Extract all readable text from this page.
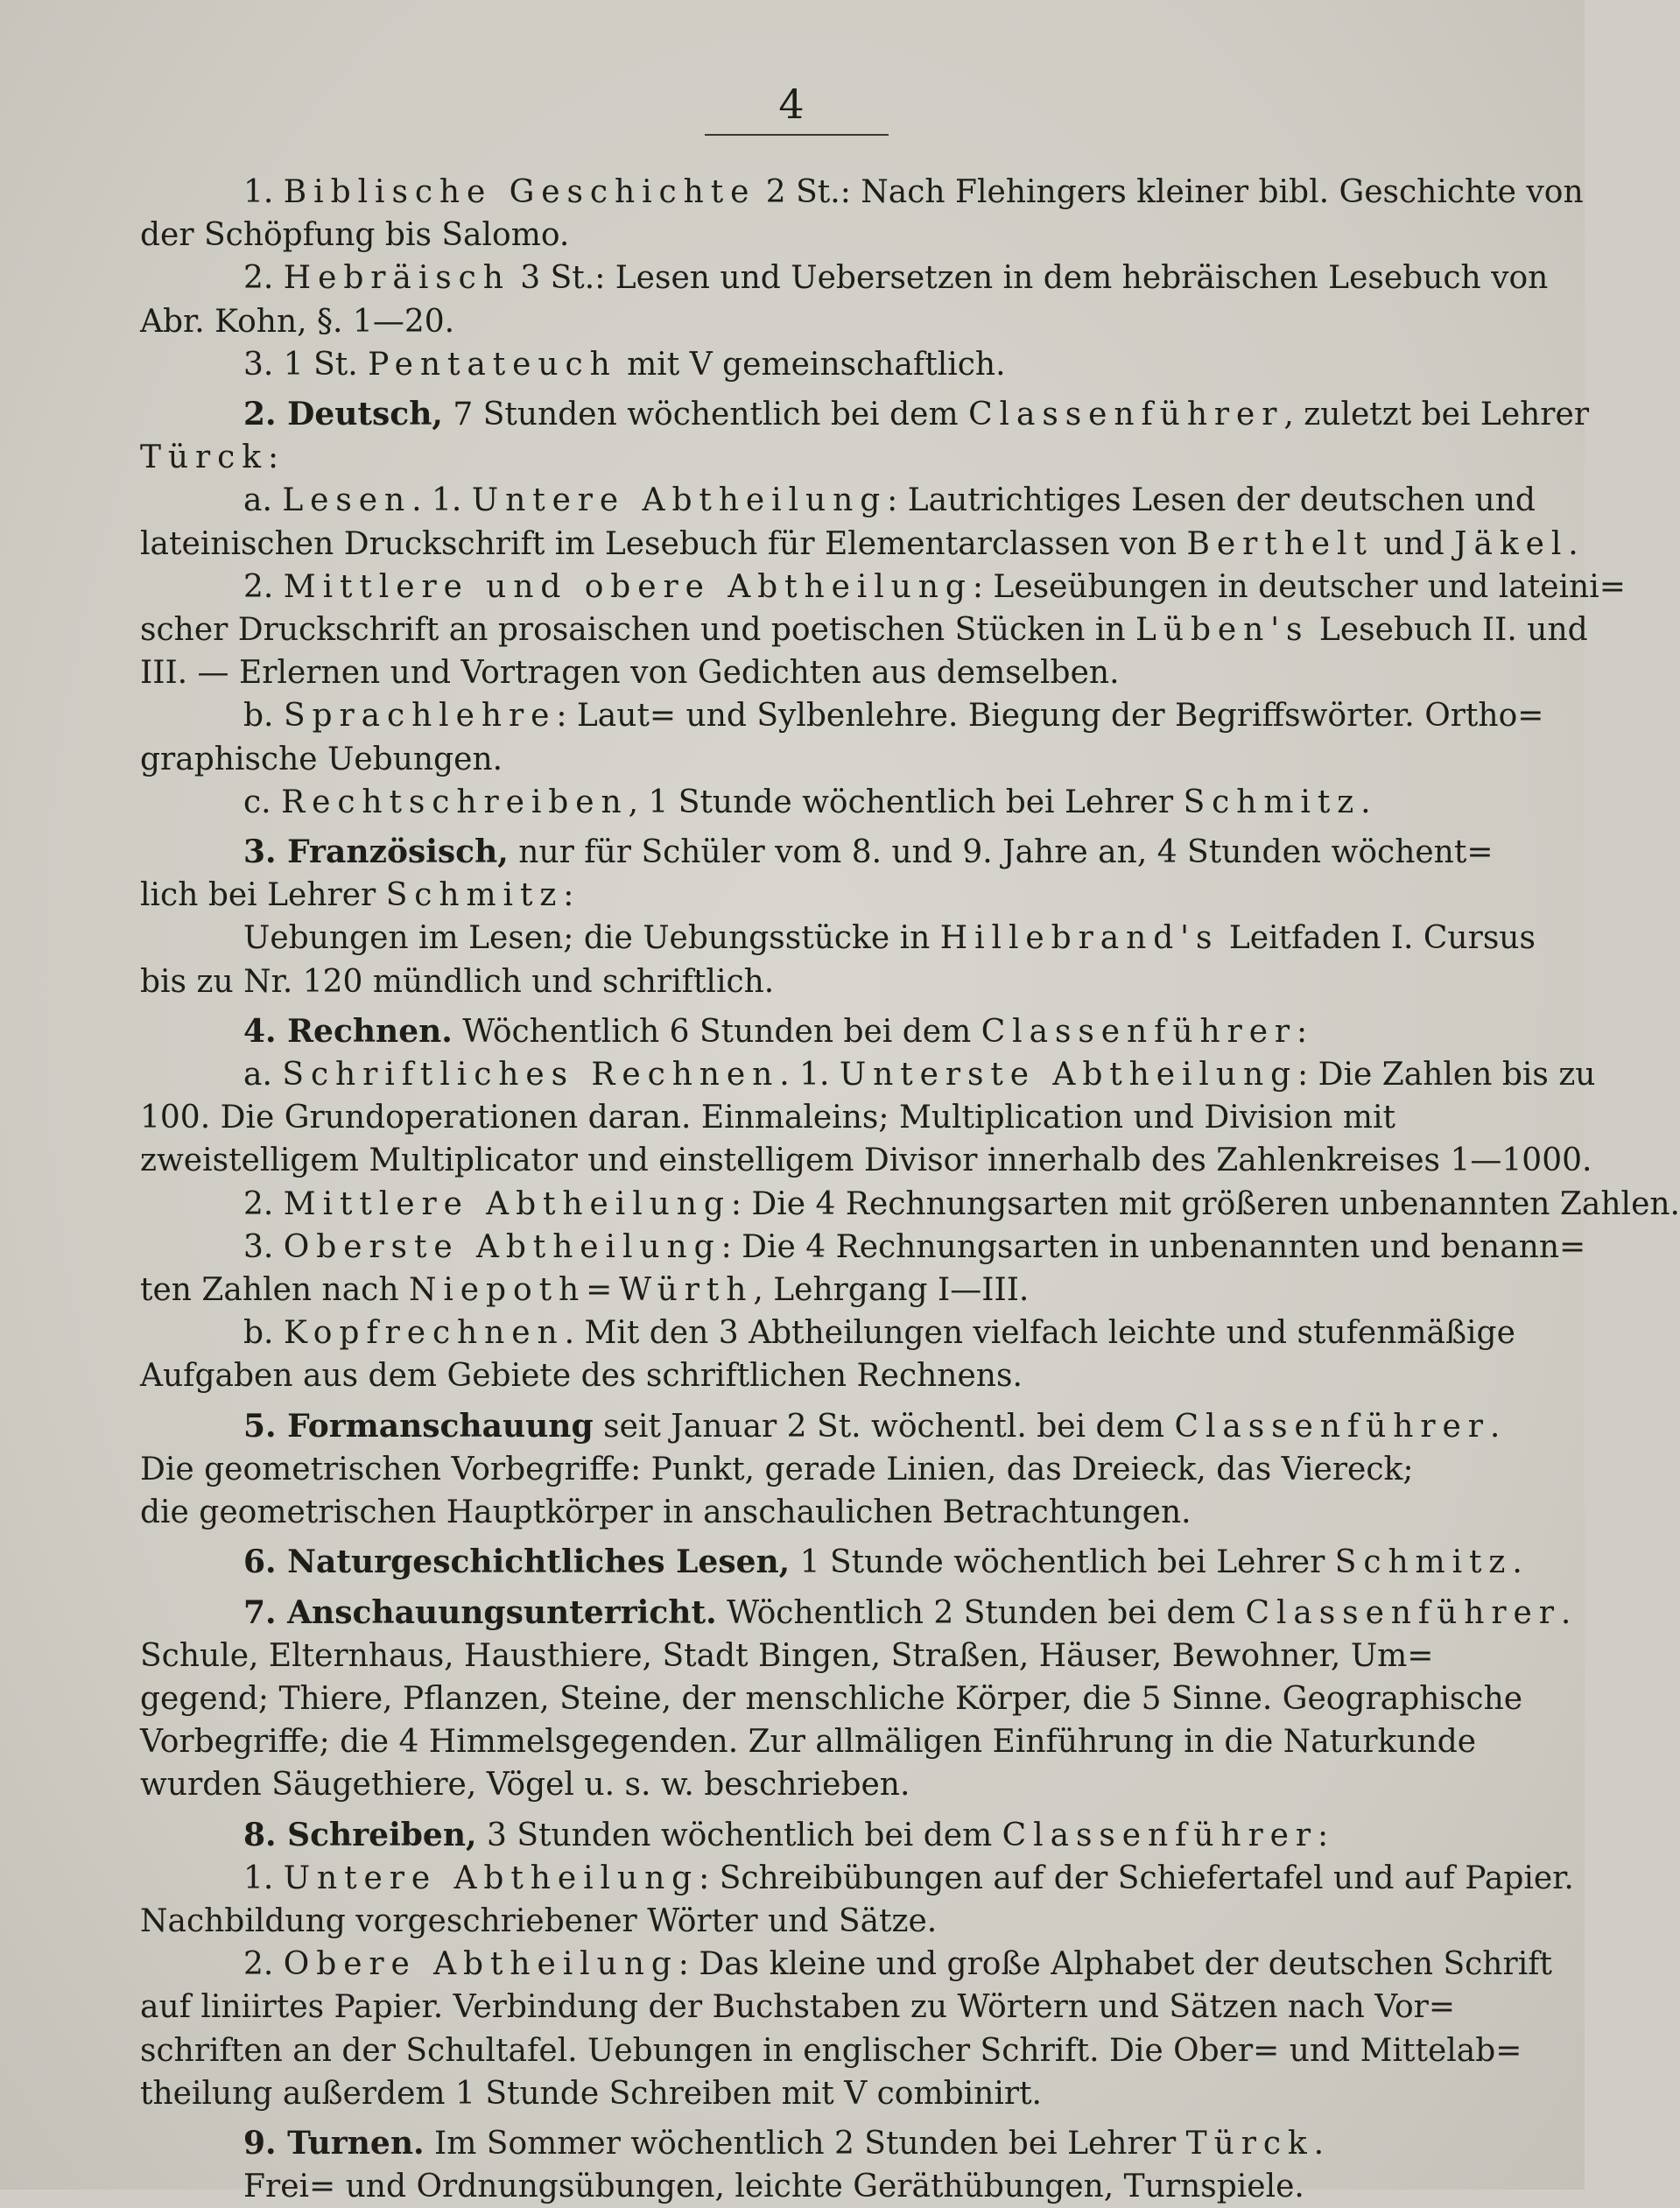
4
1. Biblische Geschichte 2 St.: Nach Flehingers kleiner bibl. Geschichte von
der Schöpfung bis Salomo.
2. Hebräisch 3 St.: Lesen und Uebersetzen in dem hebräischen Lesebuch von
Abr. Kohn, §. 1—20.
3. 1 St. Pentateuch mit V gemeinschaftlich.
2. Deutsch, 7 Stunden wöchentlich bei dem Classenführer, zuletzt bei Lehrer
Türck:
a. Lesen. 1. Untere Abtheilung: Lautrichtiges Lesen der deutschen und
lateinischen Druckschrift im Lesebuch für Elementarclassen von Berthelt und Jäkel.
2. Mittlere und obere Abtheilung: Leseübungen in deutscher und lateini=
scher Druckschrift an prosaischen und poetischen Stücken in Lüben's Lesebuch II. und
III. — Erlernen und Vortragen von Gedichten aus demselben.
b. Sprachlehre: Laut= und Sylbenlehre. Biegung der Begriffswörter. Ortho=
graphische Uebungen.
c. Rechtschreiben, 1 Stunde wöchentlich bei Lehrer Schmitz.
3. Französisch, nur für Schüler vom 8. und 9. Jahre an, 4 Stunden wöchent=
lich bei Lehrer Schmitz:
Uebungen im Lesen; die Uebungsstücke in Hillebrand's Leitfaden I. Cursus
bis zu Nr. 120 mündlich und schriftlich.
4. Rechnen. Wöchentlich 6 Stunden bei dem Classenführer:
a. Schriftliches Rechnen. 1. Unterste Abtheilung: Die Zahlen bis zu
100. Die Grundoperationen daran. Einmaleins; Multiplication und Division mit
zweistelligem Multiplicator und einstelligem Divisor innerhalb des Zahlenkreises 1—1000.
2. Mittlere Abtheilung: Die 4 Rechnungsarten mit größeren unbenannten Zahlen.
3. Oberste Abtheilung: Die 4 Rechnungsarten in unbenannten und benann=
ten Zahlen nach Niepoth=Würth, Lehrgang I—III.
b. Kopfrechnen. Mit den 3 Abtheilungen vielfach leichte und stufenmäßige
Aufgaben aus dem Gebiete des schriftlichen Rechnens.
5. Formanschauung seit Januar 2 St. wöchentl. bei dem Classenführer.
Die geometrischen Vorbegriffe: Punkt, gerade Linien, das Dreieck, das Viereck;
die geometrischen Hauptkörper in anschaulichen Betrachtungen.
6. Naturgeschichtliches Lesen, 1 Stunde wöchentlich bei Lehrer Schmitz.
7. Anschauungsunterricht. Wöchentlich 2 Stunden bei dem Classenführer.
Schule, Elternhaus, Hausthiere, Stadt Bingen, Straßen, Häuser, Bewohner, Um=
gegend; Thiere, Pflanzen, Steine, der menschliche Körper, die 5 Sinne. Geographische
Vorbegriffe; die 4 Himmelsgegenden. Zur allmäligen Einführung in die Naturkunde
wurden Säugethiere, Vögel u. s. w. beschrieben.
8. Schreiben, 3 Stunden wöchentlich bei dem Classenführer:
1. Untere Abtheilung: Schreibübungen auf der Schiefertafel und auf Papier.
Nachbildung vorgeschriebener Wörter und Sätze.
2. Obere Abtheilung: Das kleine und große Alphabet der deutschen Schrift
auf liniirtes Papier. Verbindung der Buchstaben zu Wörtern und Sätzen nach Vor=
schriften an der Schultafel. Uebungen in englischer Schrift. Die Ober= und Mittelab=
theilung außerdem 1 Stunde Schreiben mit V combinirt.
9. Turnen. Im Sommer wöchentlich 2 Stunden bei Lehrer Türck.
Frei= und Ordnungsübungen, leichte Geräthübungen, Turnspiele.
